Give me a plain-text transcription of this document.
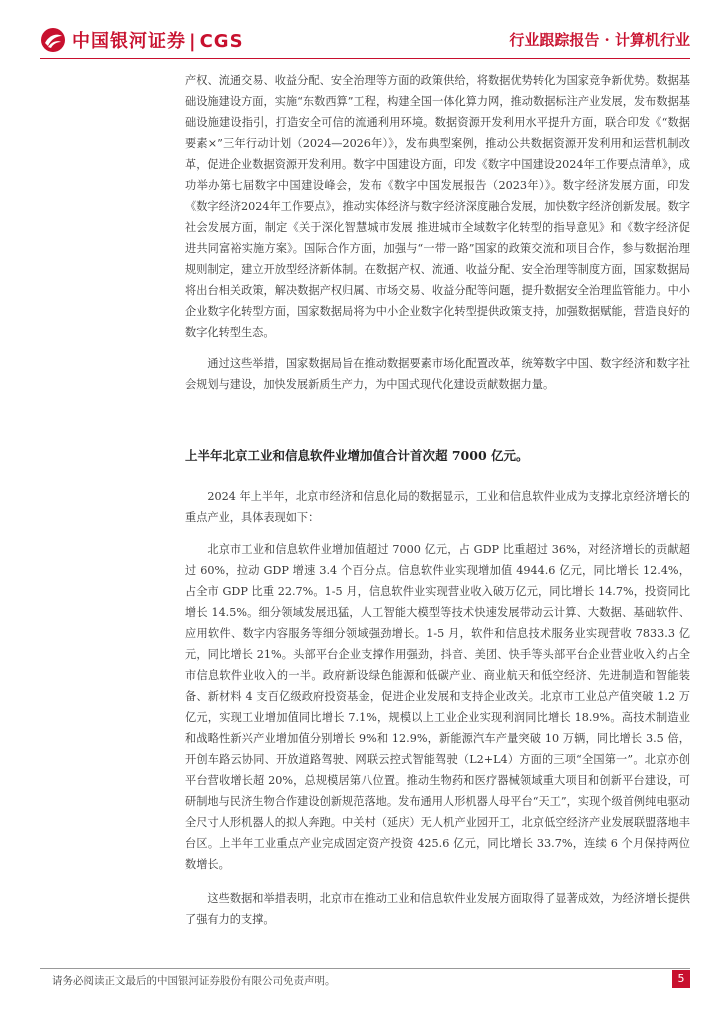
中国银河证券 | CGS	行业跟踪报告 · 计算机行业

产权、流通交易、收益分配、安全治理等方面的政策供给，将数据优势转化为国家竞争新优势。数据基础设施建设方面，实施“东数西算”工程，构建全国一体化算力网，推动数据标注产业发展，发布数据基础设施建设指引，打造安全可信的流通利用环境。数据资源开发利用水平提升方面，联合印发《“数据要素×”三年行动计划（2024—2026年）》，发布典型案例，推动公共数据资源开发利用和运营机制改革，促进企业数据资源开发利用。数字中国建设方面，印发《数字中国建设2024年工作要点清单》，成功举办第七届数字中国建设峰会，发布《数字中国发展报告（2023年）》。数字经济发展方面，印发《数字经济2024年工作要点》，推动实体经济与数字经济深度融合发展，加快数字经济创新发展。数字社会发展方面，制定《关于深化智慧城市发展 推进城市全域数字化转型的指导意见》和《数字经济促进共同富裕实施方案》。国际合作方面，加强与“一带一路”国家的政策交流和项目合作，参与数据治理规则制定，建立开放型经济新体制。在数据产权、流通、收益分配、安全治理等制度方面，国家数据局将出台相关政策，解决数据产权归属、市场交易、收益分配等问题，提升数据安全治理监管能力。中小企业数字化转型方面，国家数据局将为中小企业数字化转型提供政策支持，加强数据赋能，营造良好的数字化转型生态。

通过这些举措，国家数据局旨在推动数据要素市场化配置改革，统筹数字中国、数字经济和数字社会规划与建设，加快发展新质生产力，为中国式现代化建设贡献数据力量。

上半年北京工业和信息软件业增加值合计首次超 7000 亿元。

2024 年上半年，北京市经济和信息化局的数据显示，工业和信息软件业成为支撑北京经济增长的重点产业，具体表现如下：

北京市工业和信息软件业增加值超过 7000 亿元，占 GDP 比重超过 36%，对经济增长的贡献超过 60%，拉动 GDP 增速 3.4 个百分点。信息软件业实现增加值 4944.6 亿元，同比增长 12.4%，占全市 GDP 比重 22.7%。1-5 月，信息软件业实现营业收入破万亿元，同比增长 14.7%，投资同比增长 14.5%。细分领域发展迅猛，人工智能大模型等技术快速发展带动云计算、大数据、基础软件、应用软件、数字内容服务等细分领域强劲增长。1-5 月，软件和信息技术服务业实现营收 7833.3 亿元，同比增长 21%。头部平台企业支撑作用强劲，抖音、美团、快手等头部平台企业营业收入约占全市信息软件业收入的一半。政府新设绿色能源和低碳产业、商业航天和低空经济、先进制造和智能装备、新材料 4 支百亿级政府投资基金，促进企业发展和支持企业改关。北京市工业总产值突破 1.2 万亿元，实现工业增加值同比增长 7.1%，规模以上工业企业实现利润同比增长 18.9%。高技术制造业和战略性新兴产业增加值分别增长 9%和 12.9%，新能源汽车产量突破 10 万辆，同比增长 3.5 倍，开创车路云协同、开放道路驾驶、网联云控式智能驾驶（L2+L4）方面的三项“全国第一”。北京亦创平台营收增长超 20%，总规模居第八位置。推动生物药和医疗器械领域重大项目和创新平台建设，可研制地与民济生物合作建设创新规范落地。发布通用人形机器人母平台“天工”，实现个级首例纯电驱动全尺寸人形机器人的拟人奔跑。中关村（延庆）无人机产业园开工，北京低空经济产业发展联盟落地丰台区。上半年工业重点产业完成固定资产投资 425.6 亿元，同比增长 33.7%，连续 6 个月保持两位数增长。

这些数据和举措表明，北京市在推动工业和信息软件业发展方面取得了显著成效，为经济增长提供了强有力的支撑。

请务必阅读正文最后的中国银河证券股份有限公司免责声明。	5
